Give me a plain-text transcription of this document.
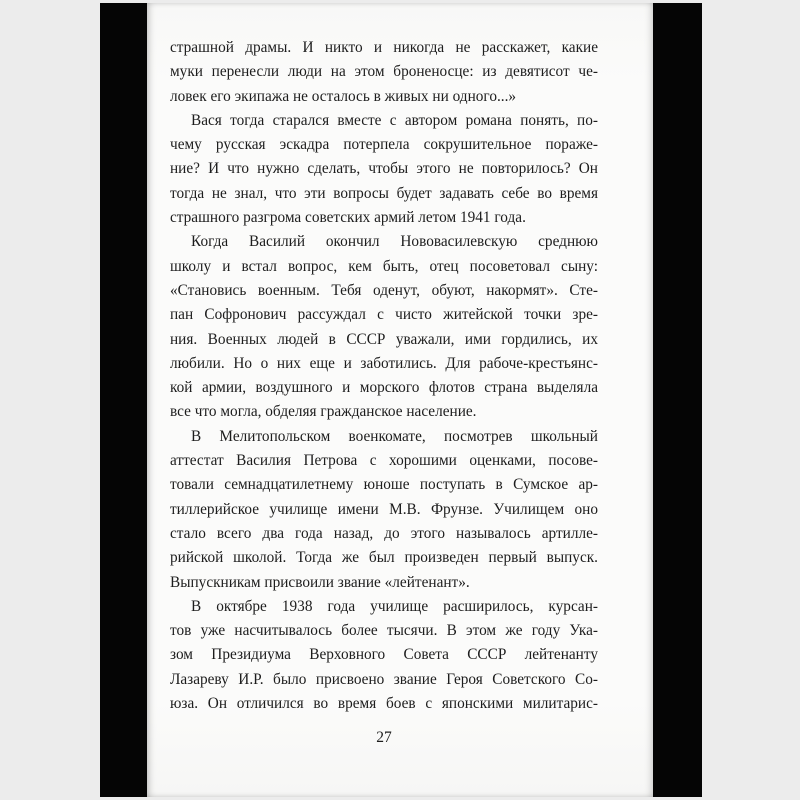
страшной драмы. И никто и никогда не расскажет, какие
муки перенесли люди на этом броненосце: из девятисот че-
ловек его экипажа не осталось в живых ни одного...»
Вася тогда старался вместе с автором романа понять, по-
чему русская эскадра потерпела сокрушительное пораже-
ние? И что нужно сделать, чтобы этого не повторилось? Он
тогда не знал, что эти вопросы будет задавать себе во время
страшного разгрома советских армий летом 1941 года.
Когда Василий окончил Нововасилевскую среднюю
школу и встал вопрос, кем быть, отец посоветовал сыну:
«Становись военным. Тебя оденут, обуют, накормят». Сте-
пан Софронович рассуждал с чисто житейской точки зре-
ния. Военных людей в СССР уважали, ими гордились, их
любили. Но о них еще и заботились. Для рабоче-крестьянс-
кой армии, воздушного и морского флотов страна выделяла
все что могла, обделяя гражданское население.
В Мелитопольском военкомате, посмотрев школьный
аттестат Василия Петрова с хорошими оценками, посове-
товали семнадцатилетнему юноше поступать в Сумское ар-
тиллерийское училище имени М.В. Фрунзе. Училищем оно
стало всего два года назад, до этого называлось артилле-
рийской школой. Тогда же был произведен первый выпуск.
Выпускникам присвоили звание «лейтенант».
В октябре 1938 года училище расширилось, курсан-
тов уже насчитывалось более тысячи. В этом же году Ука-
зом Президиума Верховного Совета СССР лейтенанту
Лазареву И.Р. было присвоено звание Героя Советского Со-
юза. Он отличился во время боев с японскими милитарис-
27
